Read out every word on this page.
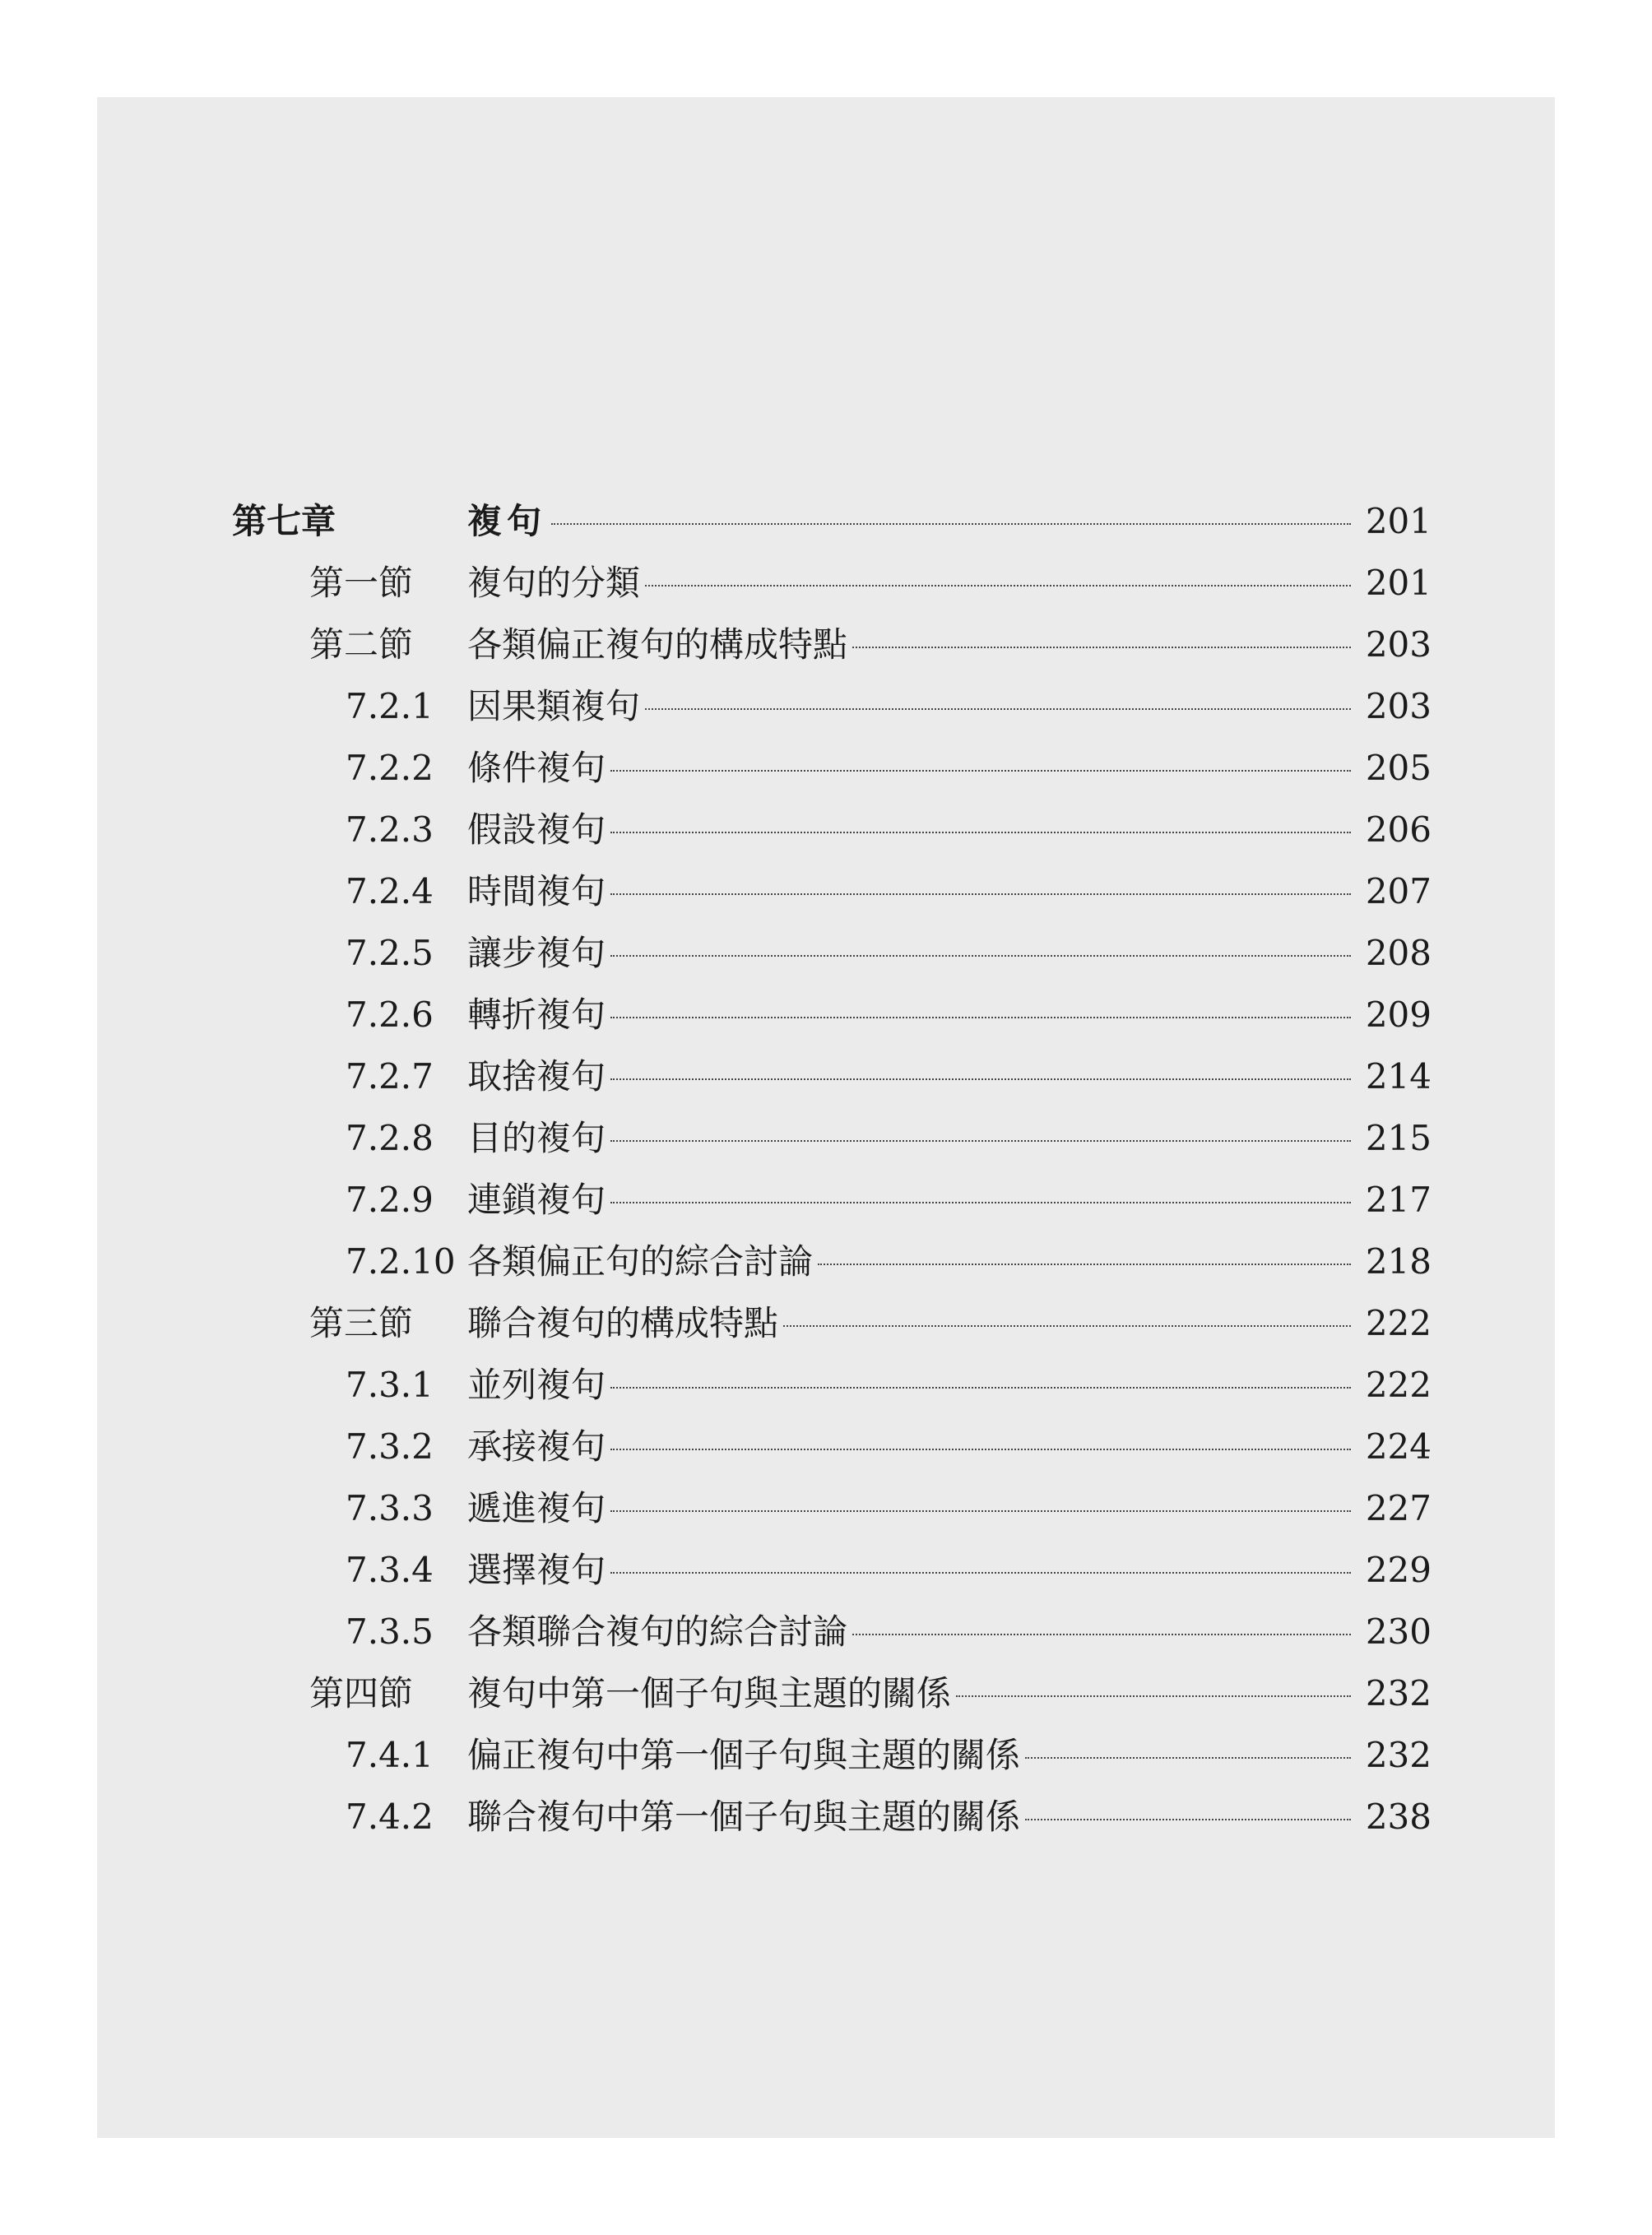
第七章	複句	201
第一節 複句的分類	201
第二節 各類偏正複句的構成特點	203
7.2.1 因果類複句	203
7.2.2 條件複句	205
7.2.3 假設複句	206
7.2.4 時間複句	207
7.2.5 讓步複句	208
7.2.6 轉折複句	209
7.2.7 取捨複句	214
7.2.8 目的複句	215
7.2.9 連鎖複句	217
7.2.10 各類偏正句的綜合討論	218
第三節 聯合複句的構成特點	222
7.3.1 並列複句	222
7.3.2 承接複句	224
7.3.3 遞進複句	227
7.3.4 選擇複句	229
7.3.5 各類聯合複句的綜合討論	230
第四節 複句中第一個子句與主題的關係	232
7.4.1 偏正複句中第一個子句與主題的關係	232
7.4.2 聯合複句中第一個子句與主題的關係	238
